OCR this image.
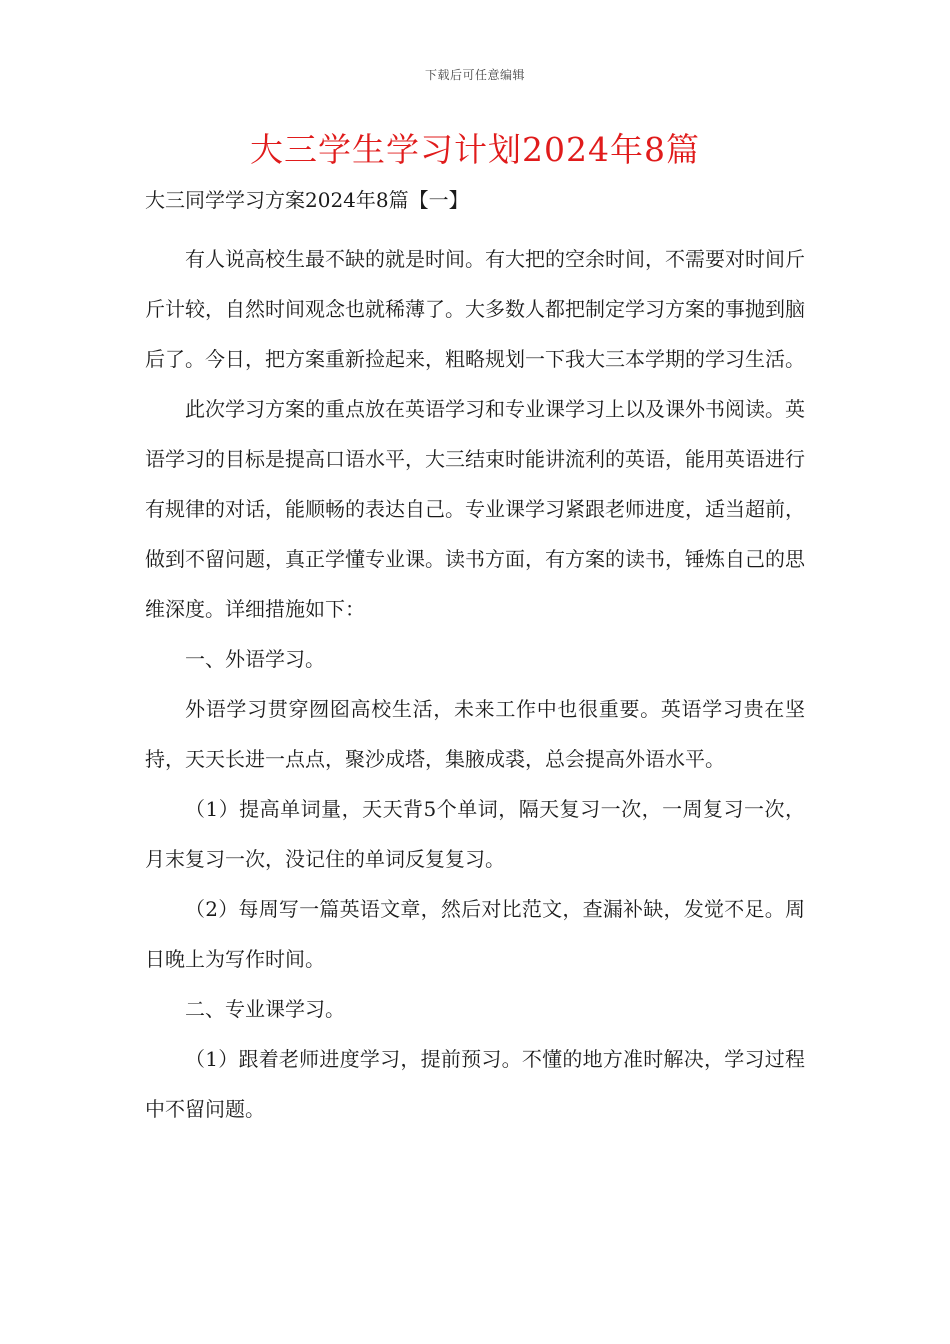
下载后可任意编辑
大三学生学习计划2024年8篇
大三同学学习方案2024年8篇【一】

有人说高校生最不缺的就是时间。有大把的空余时间，不需要对时间斤斤计较，自然时间观念也就稀薄了。大多数人都把制定学习方案的事抛到脑后了。今日，把方案重新捡起来，粗略规划一下我大三本学期的学习生活。

此次学习方案的重点放在英语学习和专业课学习上以及课外书阅读。英语学习的目标是提高口语水平，大三结束时能讲流利的英语，能用英语进行有规律的对话，能顺畅的表达自己。专业课学习紧跟老师进度，适当超前，做到不留问题，真正学懂专业课。读书方面，有方案的读书，锤炼自己的思维深度。详细措施如下：

一、外语学习。

外语学习贯穿囫囵高校生活，未来工作中也很重要。英语学习贵在坚持，天天长进一点点，聚沙成塔，集腋成裘，总会提高外语水平。

（1）提高单词量，天天背5个单词，隔天复习一次，一周复习一次，月末复习一次，没记住的单词反复复习。

（2）每周写一篇英语文章，然后对比范文，查漏补缺，发觉不足。周日晚上为写作时间。

二、专业课学习。

（1）跟着老师进度学习，提前预习。不懂的地方准时解决，学习过程中不留问题。
